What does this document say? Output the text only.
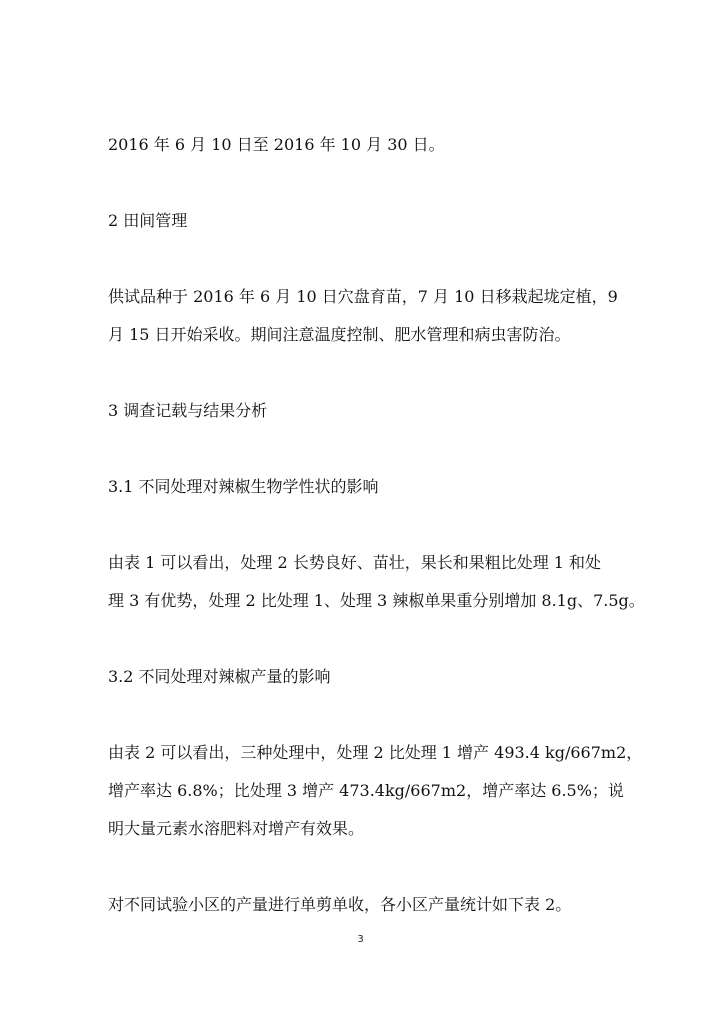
2016 年 6 月 10 日至 2016 年 10 月 30 日。
2 田间管理
供试品种于 2016 年 6 月 10 日穴盘育苗，7 月 10 日移栽起垅定植，9
月 15 日开始采收。期间注意温度控制、肥水管理和病虫害防治。
3 调查记载与结果分析
3.1 不同处理对辣椒生物学性状的影响
由表 1 可以看出，处理 2 长势良好、苗壮，果长和果粗比处理 1 和处
理 3 有优势，处理 2 比处理 1、处理 3 辣椒单果重分别增加 8.1g、7.5g。
3.2 不同处理对辣椒产量的影响
由表 2 可以看出，三种处理中，处理 2 比处理 1 增产 493.4 kg/667m2，
增产率达 6.8%；比处理 3 增产 473.4kg/667m2，增产率达 6.5%；说
明大量元素水溶肥料对增产有效果。
对不同试验小区的产量进行单剪单收，各小区产量统计如下表 2。
3
